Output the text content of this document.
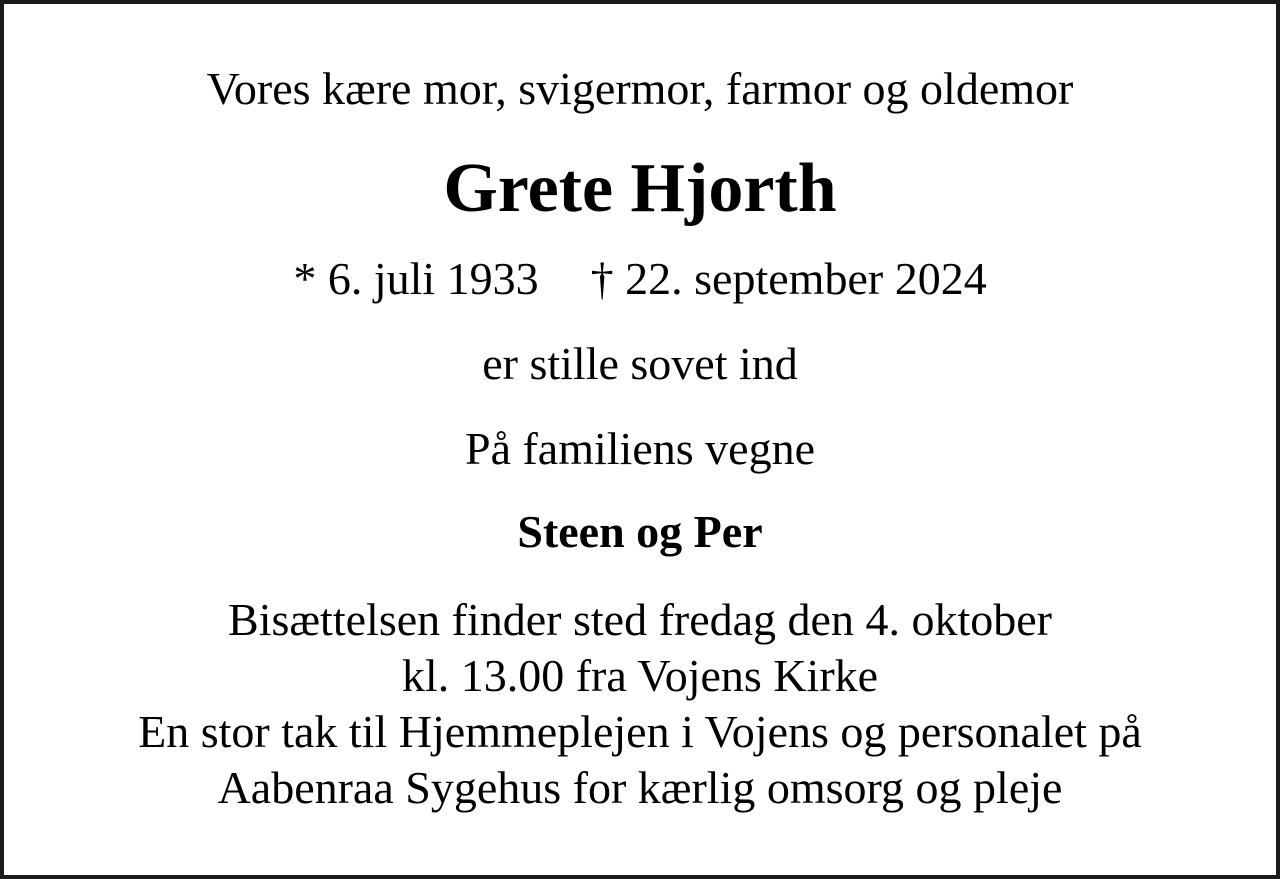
Vores kære mor, svigermor, farmor og oldemor
Grete Hjorth
* 6. juli 1933 † 22. september 2024
er stille sovet ind
På familiens vegne
Steen og Per
Bisættelsen finder sted fredag den 4. oktober
kl. 13.00 fra Vojens Kirke
En stor tak til Hjemmeplejen i Vojens og personalet på
Aabenraa Sygehus for kærlig omsorg og pleje
